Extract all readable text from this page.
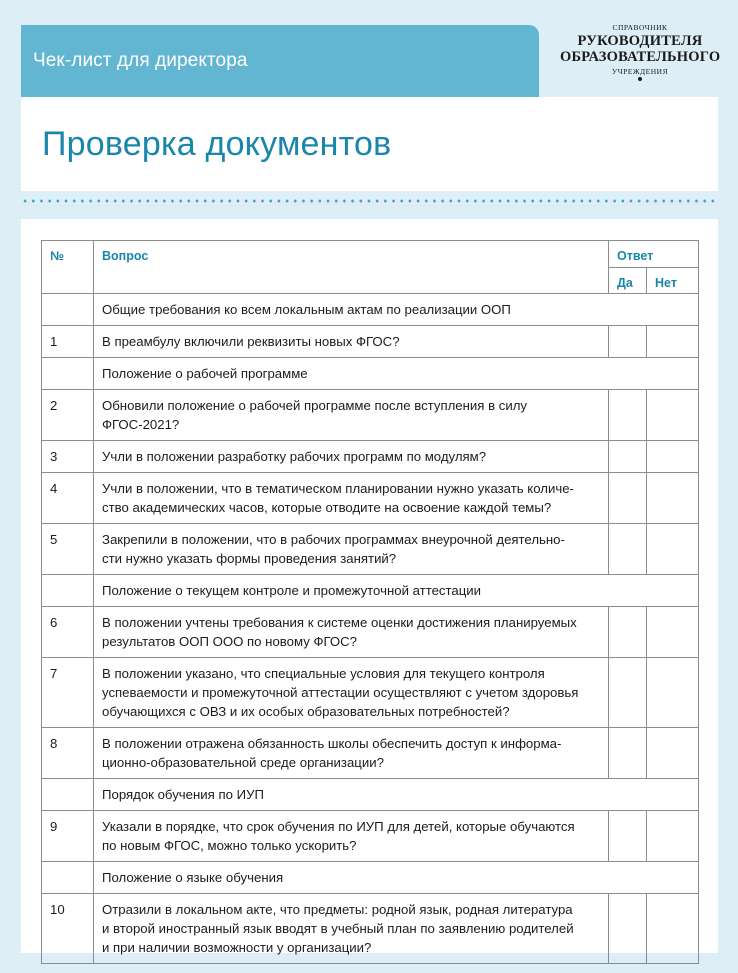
Чек-лист для директора
СПРАВОЧНИК
РУКОВОДИТЕЛЯ
ОБРАЗОВАТЕЛЬНОГО
УЧРЕЖДЕНИЯ
Проверка документов
№	Вопрос	Ответ	

		Да	Нет

	Общие требования ко всем локальным актам по реализации ООП		

1	В преамбулу включили реквизиты новых ФГОС?		

	Положение о рабочей программе		

2	Обновили положение о рабочей программе после вступления в силу
ФГОС-2021?		

3	Учли в положении разработку рабочих программ по модулям?		

4	Учли в положении, что в тематическом планировании нужно указать количе-
ство академических часов, которые отводите на освоение каждой темы?		

5	Закрепили в положении, что в рабочих программах внеурочной деятельно-
сти нужно указать формы проведения занятий?		

	Положение о текущем контроле и промежуточной аттестации		

6	В положении учтены требования к системе оценки достижения планируемых
результатов ООП ООО по новому ФГОС?		

7	В положении указано, что специальные условия для текущего контроля
успеваемости и промежуточной аттестации осуществляют с учетом здоровья
обучающихся с ОВЗ и их особых образовательных потребностей?		

8	В положении отражена обязанность школы обеспечить доступ к информа-
ционно-образовательной среде организации?		

	Порядок обучения по ИУП		

9	Указали в порядке, что срок обучения по ИУП для детей, которые обучаются
по новым ФГОС, можно только ускорить?		

	Положение о языке обучения		

10	Отразили в локальном акте, что предметы: родной язык, родная литература
и второй иностранный язык вводят в учебный план по заявлению родителей
и при наличии возможности у организации?		
